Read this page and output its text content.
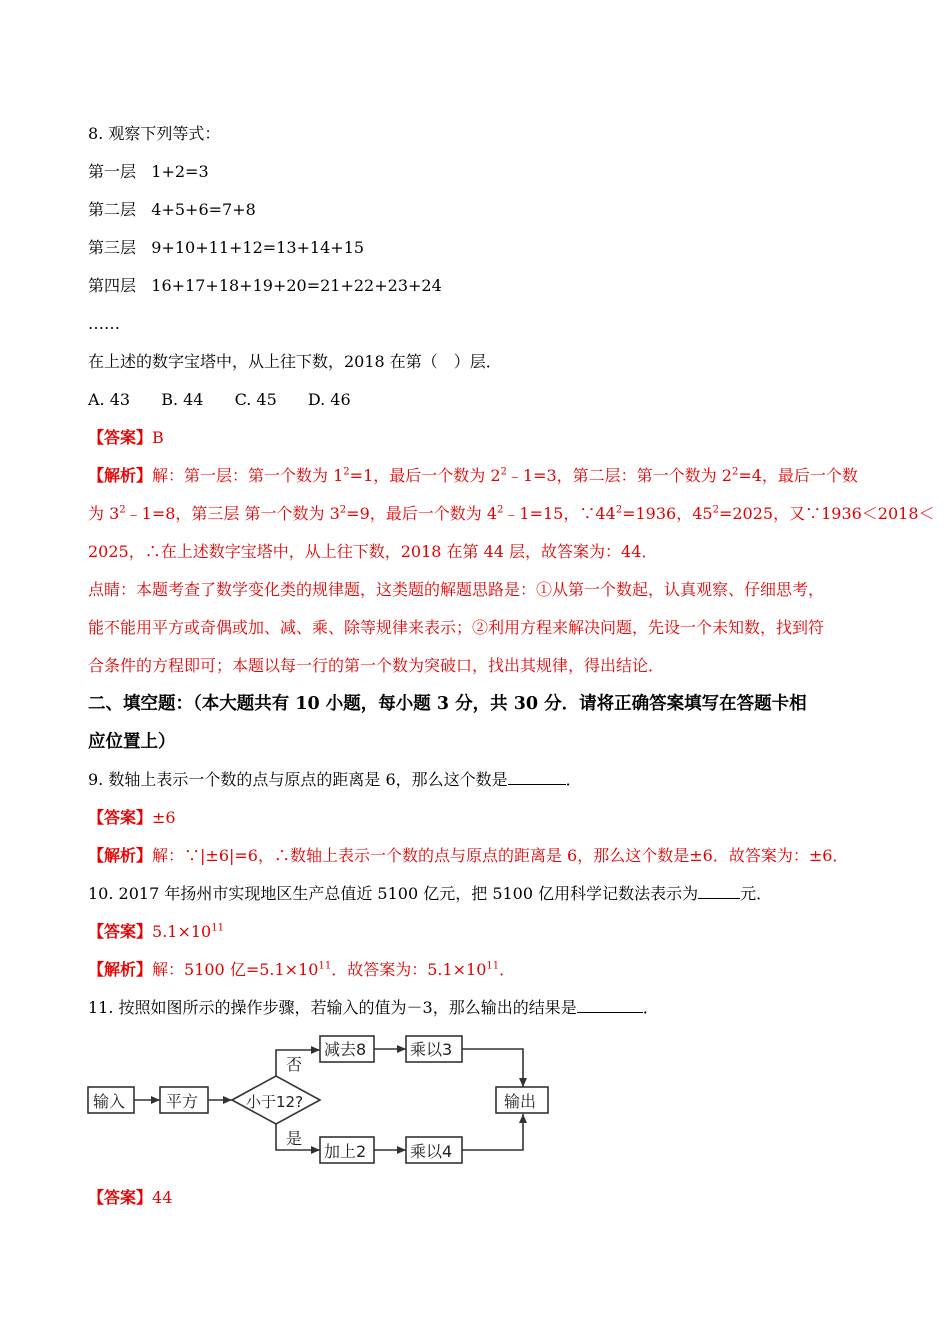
8. 观察下列等式：
第一层 1+2=3
第二层 4+5+6=7+8
第三层 9+10+11+12=13+14+15
第四层 16+17+18+19+20=21+22+23+24
……
在上述的数字宝塔中，从上往下数，2018 在第（　）层．
A. 43 B. 44 C. 45 D. 46
【答案】B
【解析】解：第一层：第一个数为 $1^2=1$，最后一个数为 $2^2﹣1=3$，第二层：第一个数为 $2^2=4$，最后一个数
为 $3^2﹣1=8$，第三层 第一个数为 $3^2=9$，最后一个数为 $4^2﹣1=15$，$\because 44^2=1936$，$45^2=2025$，又∵1936＜2018＜
2025，∴在上述数字宝塔中，从上往下数，2018 在第 44 层，故答案为：44．
点睛：本题考查了数学变化类的规律题，这类题的解题思路是：①从第一个数起，认真观察、仔细思考，
能不能用平方或奇偶或加、减、乘、除等规律来表示；②利用方程来解决问题，先设一个未知数，找到符
合条件的方程即可；本题以每一行的第一个数为突破口，找出其规律，得出结论．
二、填空题：（本大题共有 10 小题，每小题 3 分，共 30 分．请将正确答案填写在答题卡相
应位置上）
9. 数轴上表示一个数的点与原点的距离是 6，那么这个数是	．
【答案】±6
【解析】解：∵|±6|=6，∴数轴上表示一个数的点与原点的距离是 6，那么这个数是±6．故答案为：±6．
10. 2017 年扬州市实现地区生产总值近 5100 亿元，把 5100 亿用科学记数法表示为	元．
【答案】$5.1\times 10^{11}$
【解析】解：5100 亿$=5.1\times 10^{11}$．故答案为：$5.1\times 10^{11}$．
11. 按照如图所示的操作步骤，若输入的值为－3，那么输出的结果是	．
输入	平方	小于12?
否
是
减去8	乘以3
加上2	乘以4
输出
【答案】44
